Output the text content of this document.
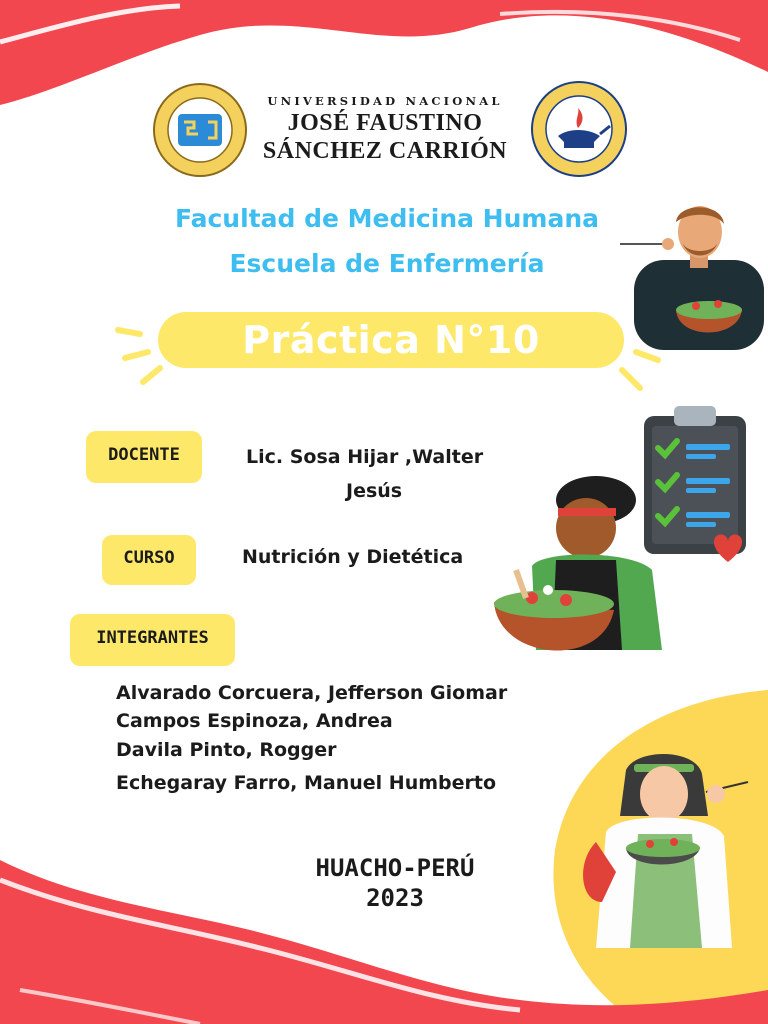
UNIVERSIDAD NACIONAL
JOSÉ FAUSTINO
SÁNCHEZ CARRIÓN
Facultad de Medicina Humana
Escuela de Enfermería
Práctica N°10
DOCENTE	Lic. Sosa Hijar ,Walter
Jesús
CURSO	Nutrición y Dietética
INTEGRANTES
Alvarado Corcuera, Jefferson Giomar
Campos Espinoza, Andrea
Davila Pinto, Rogger
Echegaray Farro, Manuel Humberto
HUACHO-PERÚ
2023
